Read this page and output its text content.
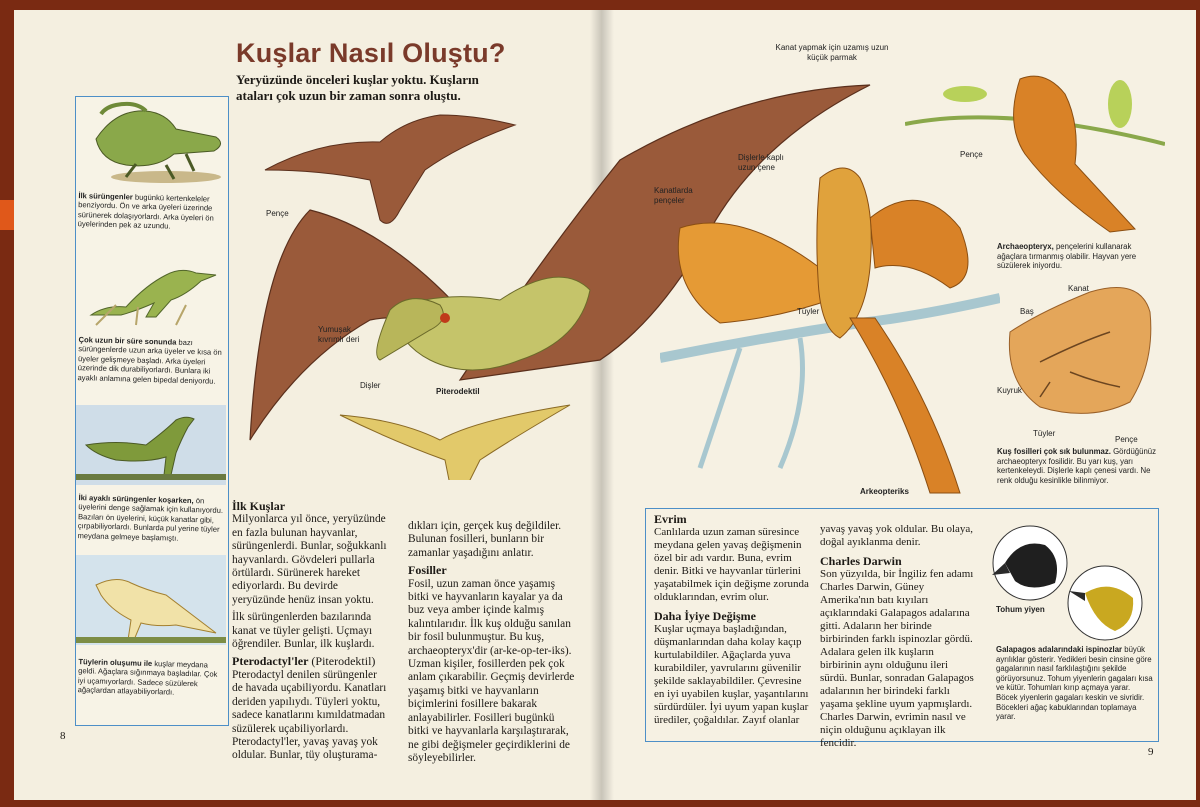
Kuşlar Nasıl Oluştu?
Yeryüzünde önceleri kuşlar yoktu. Kuşların ataları çok uzun bir zaman sonra oluştu.
İlk sürüngenler bugünkü kertenkeleler benziyordu. Ön ve arka üyeleri üzerinde sürünerek dolaşıyorlardı. Arka üyeleri ön üyelerinden pek az uzundu.
Çok uzun bir süre sonunda bazı sürüngenlerde uzun arka üyeler ve kısa ön üyeler gelişmeye başladı. Arka üyeleri üzerinde dik durabiliyorlardı. Bunlara iki ayaklı anlamına gelen bipedal deniyordu.
İki ayaklı sürüngenler koşarken, ön üyelerini denge sağlamak için kullanıyordu. Bazıları ön üyelerini, küçük kanatlar gibi, çırpabiliyorlardı. Bunlarda pul yerine tüyler meydana gelmeye başlamıştı.
Tüylerin oluşumu ile kuşlar meydana geldi. Ağaçlara sığınmaya başladılar. Çok iyi uçamıyorlardı. Sadece süzülerek ağaçlardan atlayabiliyorlardı.
Kanat yapmak için uzamış uzun küçük parmak
Pençe
Yumuşak kıvrımlı deri
Dişler
Piterodektil
Dişlerle kaplı uzun çene
Kanatlarda pençeler
Tüyler
Arkeopteriks
Pençe
Kanat
Baş
Kuyruk
Tüyler
Pençe
Archaeopteryx, pençelerini kullanarak ağaçlara tırmanmış olabilir. Hayvan yere süzülerek iniyordu.
Kuş fosilleri çok sık bulunmaz. Gördüğünüz archaeopteryx fosilidir. Bu yarı kuş, yarı kertenkeleydi. Dişlerle kaplı çenesi vardı. Ne renk olduğu kesinlikle bilinmiyor.

İlk Kuşlar

Milyonlarca yıl önce, yeryüzünde en fazla bulunan hayvanlar, sürüngenlerdi. Bunlar, soğukkanlı hayvanlardı. Gövdeleri pullarla örtülardı. Sürünerek hareket ediyorlardı. Bu devirde yeryüzünde henüz insan yoktu.
İlk sürüngenlerden bazılarında kanat ve tüyler gelişti. Uçmayı öğrendiler. Bunlar, ilk kuşlardı.

Pterodactyl'ler (Piterodektil)

Pterodactyl denilen sürüngenler de havada uçabiliyordu. Kanatları deriden yapılıydı. Tüyleri yoktu, sadece kanatlarını kımıldatmadan süzülerek uçabiliyorlardı.
Pterodactyl'ler, yavaş yavaş yok oldular. Bunlar, tüy oluşturama-
dıkları için, gerçek kuş değildiler. Bulunan fosilleri, bunların bir zamanlar yaşadığını anlatır.

Fosiller

Fosil, uzun zaman önce yaşamış bitki ve hayvanların kayalar ya da buz veya amber içinde kalmış kalıntılarıdır. İlk kuş olduğu sanılan bir fosil bulunmuştur. Bu kuş, archaeopteryx'dir (ar-ke-op-ter-iks).
Uzman kişiler, fosillerden pek çok anlam çıkarabilir. Geçmiş devirlerde yaşamış bitki ve hayvanların biçimlerini fosillere bakarak anlayabilirler. Fosilleri bugünkü bitki ve hayvanlarla karşılaştırarak, ne gibi değişmeler geçirdiklerini de söyleyebilirler.
8

Evrim

Canlılarda uzun zaman süresince meydana gelen yavaş değişmenin özel bir adı vardır. Buna, evrim denir. Bitki ve hayvanlar türlerini yaşatabilmek için değişme zorunda olduklarından, evrim olur.

Daha İyiye Değişme

Kuşlar uçmaya başladığından, düşmanlarından daha kolay kaçıp kurtulabildiler. Ağaçlarda yuva kurabildiler, yavrularını güvenilir şekilde saklayabildiler. Çevresine en iyi uyabilen kuşlar, yaşantılarını sürdürdüler. İyi uyum yapan kuşlar ürediler, çoğaldılar. Zayıf olanlar
yavaş yavaş yok oldular. Bu olaya, doğal ayıklanma denir.

Charles Darwin

Son yüzyılda, bir İngiliz fen adamı Charles Darwin, Güney Amerika'nın batı kıyıları açıklarındaki Galapagos adalarına gitti. Adaların her birinde birbirinden farklı ispinozlar gördü. Adalara gelen ilk kuşların birbirinin aynı olduğunu ileri sürdü. Bunlar, sonradan Galapagos adalarının her birindeki farklı yaşama şekline uyum yapmışlardı. Charles Darwin, evrimin nasıl ve niçin olduğunu açıklayan ilk fencidir.
Tohum yiyen
Galapagos adalarındaki ispinozlar büyük ayrılıklar gösterir. Yedikleri besin cinsine göre gagalarının nasıl farklılaştığını şekilde görüyorsunuz. Tohum yiyenlerin gagaları kısa ve kütür. Tohumları kırıp açmaya yarar. Böcek yiyenlerin gagaları keskin ve sivridir. Böcekleri ağaç kabuklarından toplamaya yarar.
9
